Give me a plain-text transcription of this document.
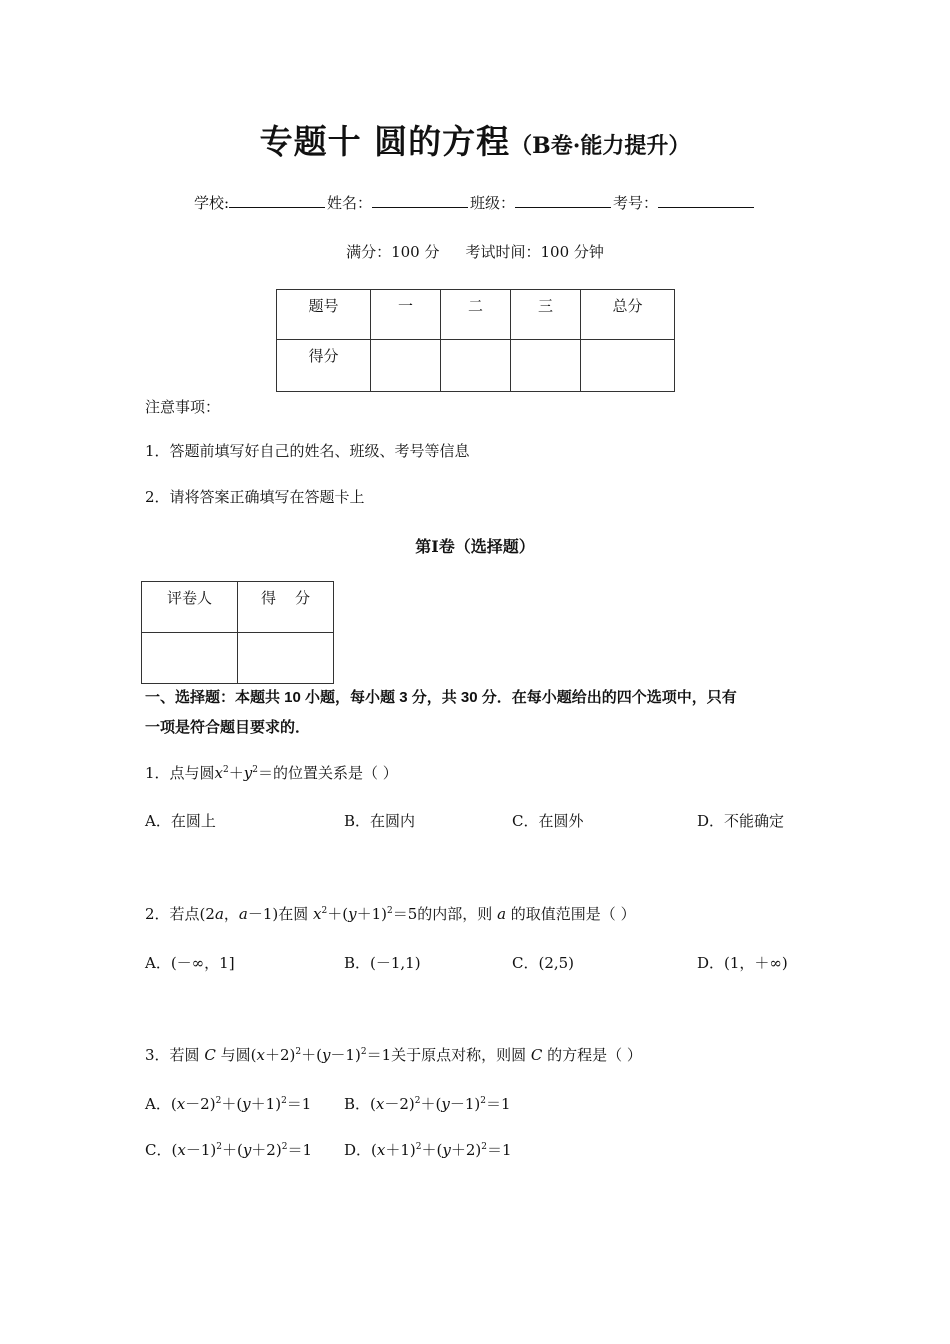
专题十 圆的方程（B卷·能力提升）
学校:	姓名：	班级：	考号：
满分：100 分 考试时间：100 分钟
题号	一	二	三	总分
得分				
注意事项：
1．答题前填写好自己的姓名、班级、考号等信息
2．请将答案正确填写在答题卡上
第Ⅰ卷（选择题）
评卷人	得    分

一、选择题：本题共 10 小题，每小题 3 分，共 30 分．在每小题给出的四个选项中，只有
一项是符合题目要求的．
1．点与圆$x^2+y^2=$的位置关系是（ ）
A．在圆上	B．在圆内	C．在圆外	D．不能确定
2．若点(2a，a－1)在圆 $x^2+(y+1)^2=5$的内部，则 a 的取值范围是（ ）
A．(－∞，1]	B．(－1,1)	C．(2,5)	D．(1，＋∞)
3．若圆 C 与圆$(x+2)^2+(y-1)^2=1$关于原点对称，则圆 C 的方程是（ ）
A．$(x-2)^2+(y+1)^2=1$ B．$(x-2)^2+(y-1)^2=1$
C．$(x-1)^2+(y+2)^2=1$ D．$(x+1)^2+(y+2)^2=1$
